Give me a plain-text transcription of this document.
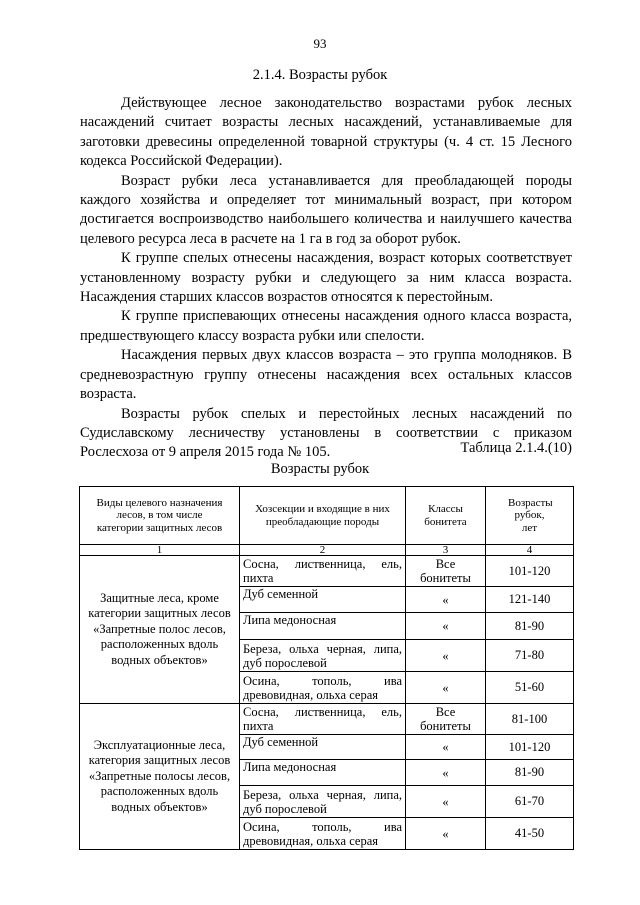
93
2.1.4. Возрасты рубок

Действующее лесное законодательство возрастами рубок лесных насаждений считает возрасты лесных насаждений, устанавливаемые для заготовки древесины определенной товарной структуры (ч. 4 ст. 15 Лесного кодекса Российской Федерации).

Возраст рубки леса устанавливается для преобладающей породы каждого хозяйства и определяет тот минимальный возраст, при котором достигается воспроизводство наибольшего количества и наилучшего качества целевого ресурса леса в расчете на 1 га в год за оборот рубок.

К группе спелых отнесены насаждения, возраст которых соответствует установленному возрасту рубки и следующего за ним класса возраста. Насаждения старших классов возрастов относятся к перестойным.

К группе приспевающих отнесены насаждения одного класса возраста, предшествующего классу возраста рубки или спелости.

Насаждения первых двух классов возраста – это группа молодняков. В средневозрастную группу отнесены насаждения всех остальных классов возраста.

Возрасты рубок спелых и перестойных лесных насаждений по Судиславскому лесничеству установлены в соответствии с приказом Рослесхоза от 9 апреля 2015 года № 105.	Таблица 2.1.4.(10)
Возрасты рубок
Виды целевого назначения лесов, в том числе категории защитных лесов	Хозсекции и входящие в них преобладающие породы	Классы бонитета	Возрасты рубок, лет
1	2	3	4
Защитные леса, кроме категории защитных лесов «Запретные полос лесов, расположенных вдоль водных объектов»	Сосна, лиственница, ель, пихта	Все бонитеты	101-120
	Дуб семенной	«	121-140
	Липа медоносная	«	81-90
	Береза, ольха черная, липа, дуб порослевой	«	71-80
	Осина, тополь, ива древовидная, ольха серая	«	51-60
Эксплуатационные леса, категория защитных лесов «Запретные полосы лесов, расположенных вдоль водных объектов»	Сосна, лиственница, ель, пихта	Все бонитеты	81-100
	Дуб семенной	«	101-120
	Липа медоносная	«	81-90
	Береза, ольха черная, липа, дуб порослевой	«	61-70
	Осина, тополь, ива древовидная, ольха серая	«	41-50
